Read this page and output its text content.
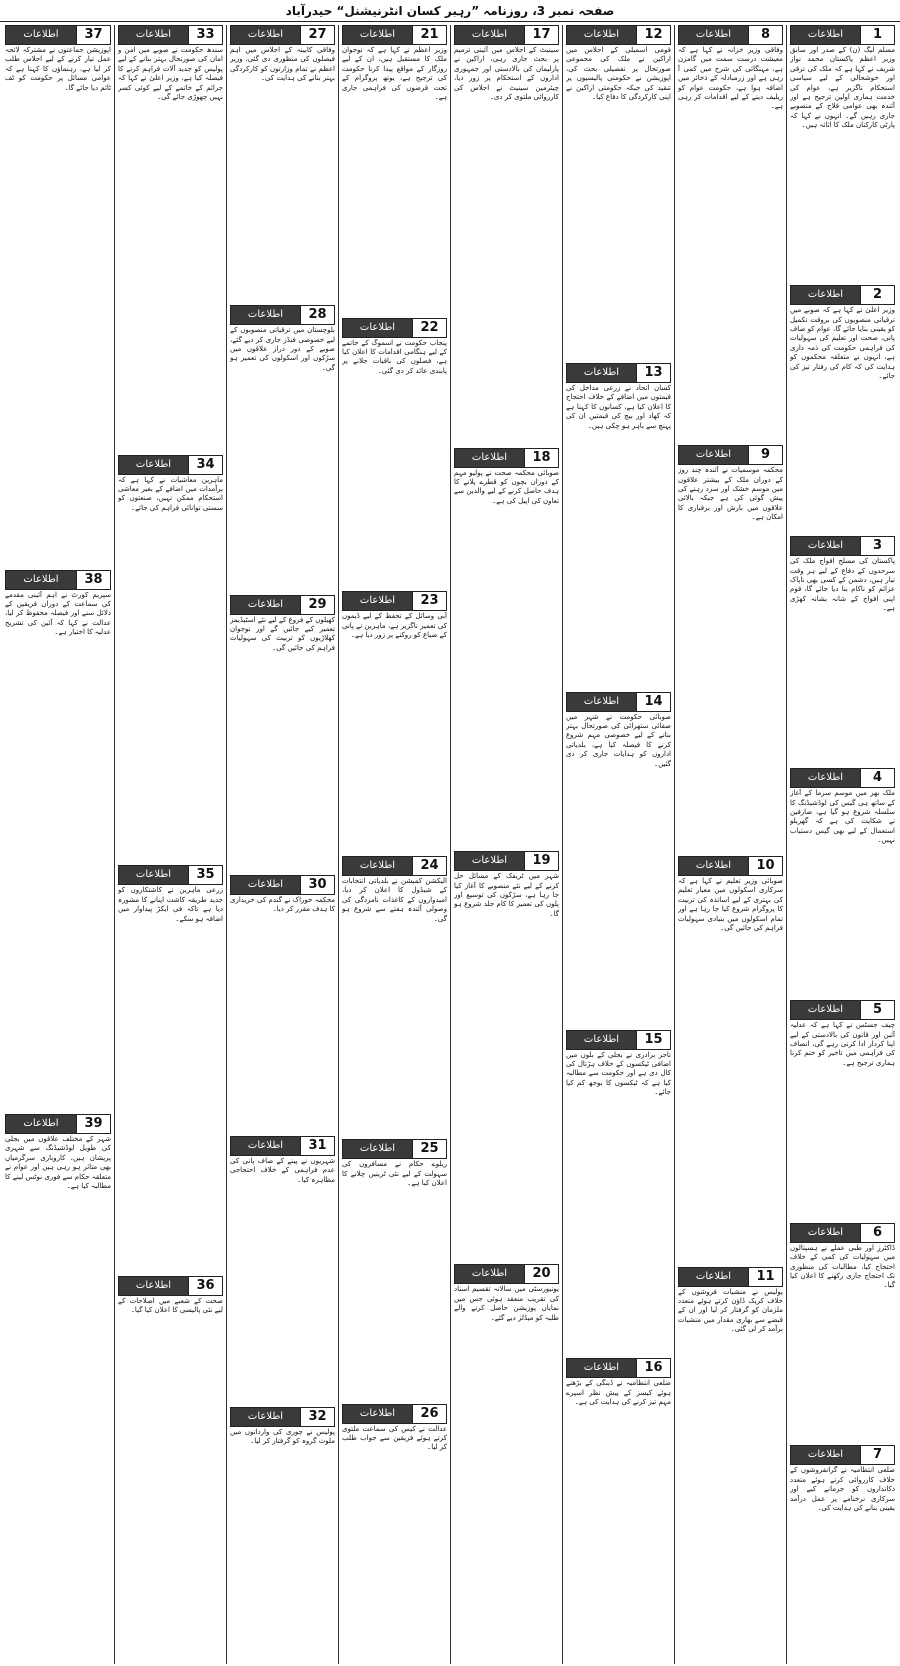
صفحہ نمبر 3، روزنامہ ”رہبر کسان انٹرنیشنل“ حیدرآباد
1
اطلاعات
مسلم لیگ (ن) کے صدر اور سابق وزیر اعظم پاکستان محمد نواز شریف نے کہا ہے کہ ملک کی ترقی اور خوشحالی کے لیے سیاسی استحکام ناگزیر ہے، عوام کی خدمت ہماری اولین ترجیح ہے اور آئندہ بھی عوامی فلاح کے منصوبے جاری رہیں گے۔ انہوں نے کہا کہ پارٹی کارکنان ملک کا اثاثہ ہیں۔
2
اطلاعات
وزیر اعلیٰ نے کہا ہے کہ صوبے میں ترقیاتی منصوبوں کی بروقت تکمیل کو یقینی بنایا جائے گا، عوام کو صاف پانی، صحت اور تعلیم کی سہولیات کی فراہمی حکومت کی ذمہ داری ہے، انہوں نے متعلقہ محکموں کو ہدایت کی کہ کام کی رفتار تیز کی جائے۔
3
اطلاعات
پاکستان کی مسلح افواج ملک کی سرحدوں کے دفاع کے لیے ہر وقت تیار ہیں، دشمن کے کسی بھی ناپاک عزائم کو ناکام بنا دیا جائے گا، قوم اپنی افواج کے شانہ بشانہ کھڑی ہے۔
4
اطلاعات
ملک بھر میں موسم سرما کے آغاز کے ساتھ ہی گیس کی لوڈشیڈنگ کا سلسلہ شروع ہو گیا ہے، صارفین نے شکایت کی ہے کہ گھریلو استعمال کے لیے بھی گیس دستیاب نہیں۔
5
اطلاعات
چیف جسٹس نے کہا ہے کہ عدلیہ آئین اور قانون کی بالادستی کے لیے اپنا کردار ادا کرتی رہے گی، انصاف کی فراہمی میں تاخیر کو ختم کرنا ہماری ترجیح ہے۔
6
اطلاعات
ڈاکٹرز اور طبی عملے نے ہسپتالوں میں سہولیات کی کمی کے خلاف احتجاج کیا، مطالبات کی منظوری تک احتجاج جاری رکھنے کا اعلان کیا گیا۔
7
اطلاعات
ضلعی انتظامیہ نے گرانفروشوں کے خلاف کارروائی کرتے ہوئے متعدد دکانداروں کو جرمانے کیے اور سرکاری نرخنامے پر عمل درآمد یقینی بنانے کی ہدایت کی۔
8
اطلاعات
وفاقی وزیر خزانہ نے کہا ہے کہ معیشت درست سمت میں گامزن ہے، مہنگائی کی شرح میں کمی آ رہی ہے اور زرمبادلہ کے ذخائر میں اضافہ ہوا ہے، حکومت عوام کو ریلیف دینے کے لیے اقدامات کر رہی ہے۔
9
اطلاعات
محکمہ موسمیات نے آئندہ چند روز کے دوران ملک کے بیشتر علاقوں میں موسم خشک اور سرد رہنے کی پیش گوئی کی ہے جبکہ بالائی علاقوں میں بارش اور برفباری کا امکان ہے۔
10
اطلاعات
صوبائی وزیر تعلیم نے کہا ہے کہ سرکاری اسکولوں میں معیار تعلیم کی بہتری کے لیے اساتذہ کی تربیت کا پروگرام شروع کیا جا رہا ہے اور تمام اسکولوں میں بنیادی سہولیات فراہم کی جائیں گی۔
11
اطلاعات
پولیس نے منشیات فروشوں کے خلاف کریک ڈاؤن کرتے ہوئے متعدد ملزمان کو گرفتار کر لیا اور ان کے قبضے سے بھاری مقدار میں منشیات برآمد کر لی گئی۔
12
اطلاعات
قومی اسمبلی کے اجلاس میں اراکین نے ملک کی مجموعی صورتحال پر تفصیلی بحث کی، اپوزیشن نے حکومتی پالیسیوں پر تنقید کی جبکہ حکومتی اراکین نے اپنی کارکردگی کا دفاع کیا۔
13
اطلاعات
کسان اتحاد نے زرعی مداخل کی قیمتوں میں اضافے کے خلاف احتجاج کا اعلان کیا ہے، کسانوں کا کہنا ہے کہ کھاد اور بیج کی قیمتیں ان کی پہنچ سے باہر ہو چکی ہیں۔
14
اطلاعات
صوبائی حکومت نے شہر میں صفائی ستھرائی کی صورتحال بہتر بنانے کے لیے خصوصی مہم شروع کرنے کا فیصلہ کیا ہے، بلدیاتی اداروں کو ہدایات جاری کر دی گئیں۔
15
اطلاعات
تاجر برادری نے بجلی کے بلوں میں اضافی ٹیکسوں کے خلاف ہڑتال کی کال دی ہے اور حکومت سے مطالبہ کیا ہے کہ ٹیکسوں کا بوجھ کم کیا جائے۔
16
اطلاعات
ضلعی انتظامیہ نے ڈینگی کے بڑھتے ہوئے کیسز کے پیش نظر اسپرے مہم تیز کرنے کی ہدایت کی ہے۔
17
اطلاعات
سینیٹ کے اجلاس میں آئینی ترمیم پر بحث جاری رہی، اراکین نے پارلیمان کی بالادستی اور جمہوری اداروں کے استحکام پر زور دیا، چیئرمین سینیٹ نے اجلاس کی کارروائی ملتوی کر دی۔
18
اطلاعات
صوبائی محکمہ صحت نے پولیو مہم کے دوران بچوں کو قطرے پلانے کا ہدف حاصل کرنے کے لیے والدین سے تعاون کی اپیل کی ہے۔
19
اطلاعات
شہر میں ٹریفک کے مسائل حل کرنے کے لیے نئے منصوبے کا آغاز کیا جا رہا ہے، سڑکوں کی توسیع اور پلوں کی تعمیر کا کام جلد شروع ہو گا۔
20
اطلاعات
یونیورسٹی میں سالانہ تقسیم اسناد کی تقریب منعقد ہوئی جس میں نمایاں پوزیشن حاصل کرنے والے طلبہ کو میڈلز دیے گئے۔
21
اطلاعات
وزیر اعظم نے کہا ہے کہ نوجوان ملک کا مستقبل ہیں، ان کے لیے روزگار کے مواقع پیدا کرنا حکومت کی ترجیح ہے، یوتھ پروگرام کے تحت قرضوں کی فراہمی جاری ہے۔
22
اطلاعات
پنجاب حکومت نے اسموگ کے خاتمے کے لیے ہنگامی اقدامات کا اعلان کیا ہے، فصلوں کی باقیات جلانے پر پابندی عائد کر دی گئی۔
23
اطلاعات
آبی وسائل کے تحفظ کے لیے ڈیموں کی تعمیر ناگزیر ہے، ماہرین نے پانی کے ضیاع کو روکنے پر زور دیا ہے۔
24
اطلاعات
الیکشن کمیشن نے بلدیاتی انتخابات کے شیڈول کا اعلان کر دیا، امیدواروں کے کاغذات نامزدگی کی وصولی آئندہ ہفتے سے شروع ہو گی۔
25
اطلاعات
ریلوے حکام نے مسافروں کی سہولت کے لیے نئی ٹرینیں چلانے کا اعلان کیا ہے۔
26
اطلاعات
عدالت نے کیس کی سماعت ملتوی کرتے ہوئے فریقین سے جواب طلب کر لیا۔
27
اطلاعات
وفاقی کابینہ کے اجلاس میں اہم فیصلوں کی منظوری دی گئی، وزیر اعظم نے تمام وزارتوں کو کارکردگی بہتر بنانے کی ہدایت کی۔
28
اطلاعات
بلوچستان میں ترقیاتی منصوبوں کے لیے خصوصی فنڈز جاری کر دیے گئے، صوبے کے دور دراز علاقوں میں سڑکوں اور اسکولوں کی تعمیر ہو گی۔
29
اطلاعات
کھیلوں کے فروغ کے لیے نئے اسٹیڈیمز تعمیر کیے جائیں گے اور نوجوان کھلاڑیوں کو تربیت کی سہولیات فراہم کی جائیں گی۔
30
اطلاعات
محکمہ خوراک نے گندم کی خریداری کا ہدف مقرر کر دیا۔
31
اطلاعات
شہریوں نے پینے کے صاف پانی کی عدم فراہمی کے خلاف احتجاجی مظاہرہ کیا۔
32
اطلاعات
پولیس نے چوری کی وارداتوں میں ملوث گروہ کو گرفتار کر لیا۔
33
اطلاعات
سندھ حکومت نے صوبے میں امن و امان کی صورتحال بہتر بنانے کے لیے پولیس کو جدید آلات فراہم کرنے کا فیصلہ کیا ہے، وزیر اعلیٰ نے کہا کہ جرائم کے خاتمے کے لیے کوئی کسر نہیں چھوڑی جائے گی۔
34
اطلاعات
ماہرین معاشیات نے کہا ہے کہ برآمدات میں اضافے کے بغیر معاشی استحکام ممکن نہیں، صنعتوں کو سستی توانائی فراہم کی جائے۔
35
اطلاعات
زرعی ماہرین نے کاشتکاروں کو جدید طریقہ کاشت اپنانے کا مشورہ دیا ہے تاکہ فی ایکڑ پیداوار میں اضافہ ہو سکے۔
36
اطلاعات
صحت کے شعبے میں اصلاحات کے لیے نئی پالیسی کا اعلان کیا گیا۔
37
اطلاعات
اپوزیشن جماعتوں نے مشترکہ لائحہ عمل تیار کرنے کے لیے اجلاس طلب کر لیا ہے، رہنماؤں کا کہنا ہے کہ عوامی مسائل پر حکومت کو ٹف ٹائم دیا جائے گا۔
38
اطلاعات
سپریم کورٹ نے اہم آئینی مقدمے کی سماعت کے دوران فریقین کے دلائل سنے اور فیصلہ محفوظ کر لیا، عدالت نے کہا کہ آئین کی تشریح عدلیہ کا اختیار ہے۔
39
اطلاعات
شہر کے مختلف علاقوں میں بجلی کی طویل لوڈشیڈنگ سے شہری پریشان ہیں، کاروباری سرگرمیاں بھی متاثر ہو رہی ہیں اور عوام نے متعلقہ حکام سے فوری نوٹس لینے کا مطالبہ کیا ہے۔
